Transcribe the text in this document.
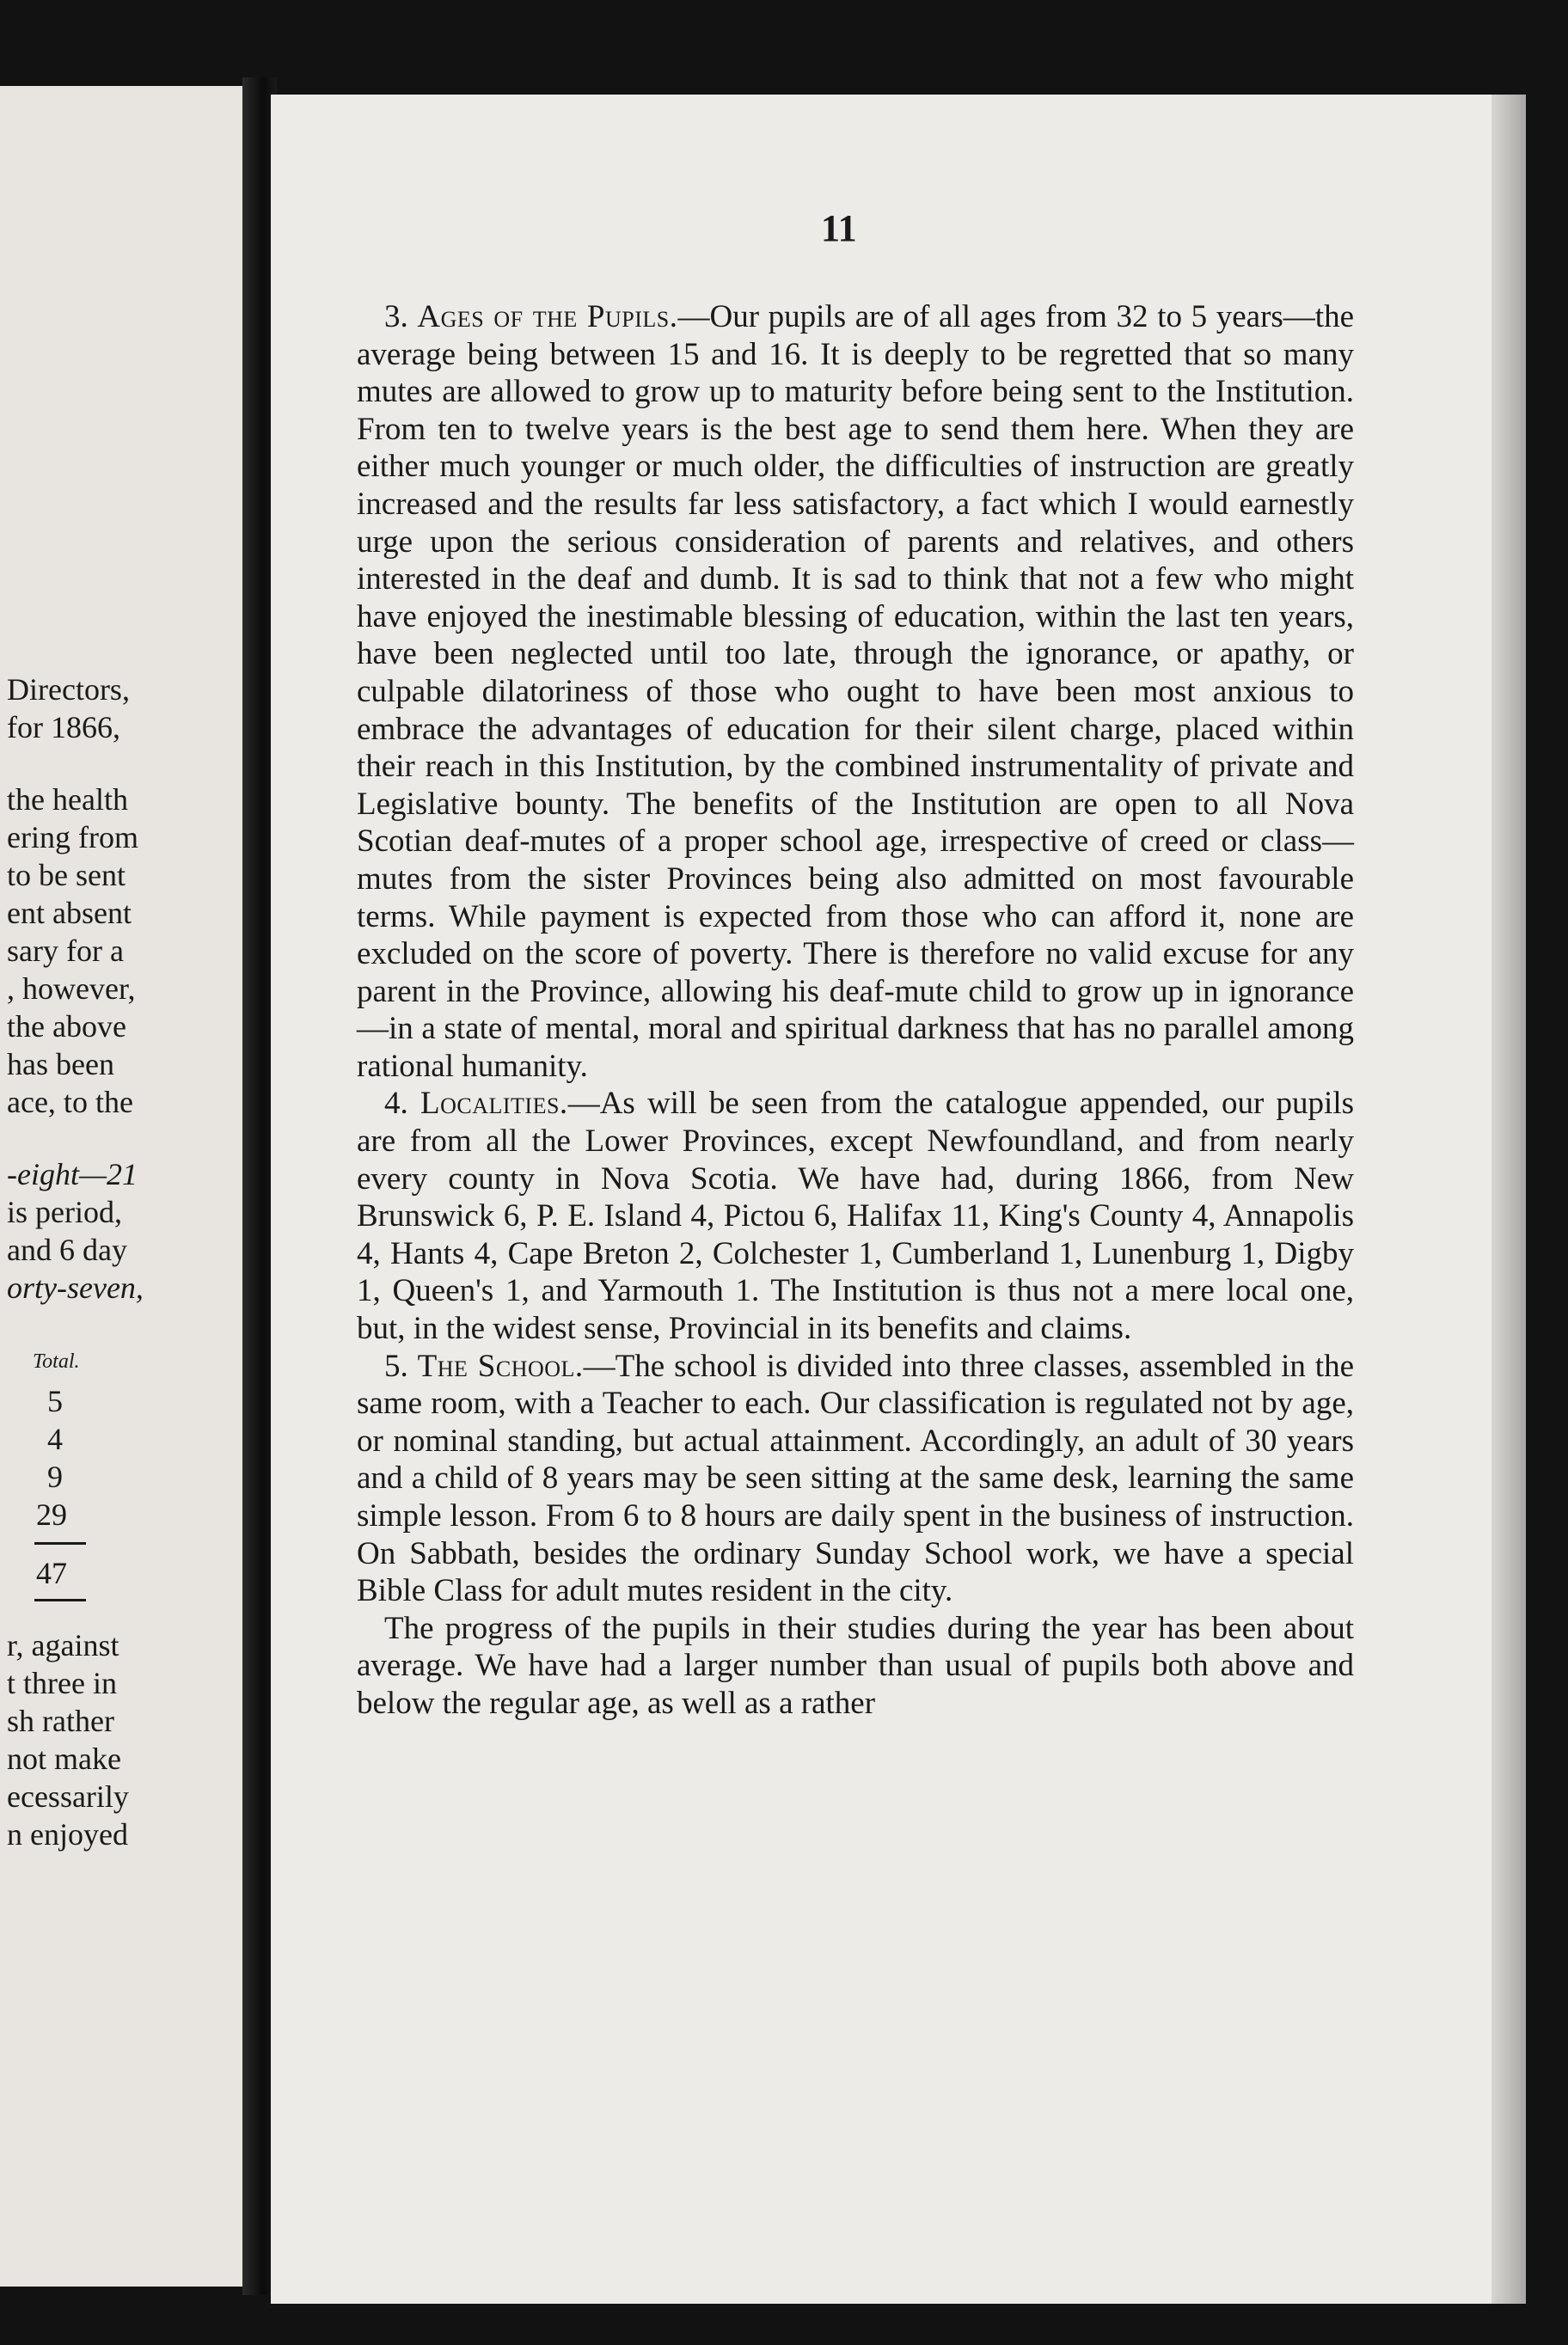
Directors,
for 1866,
the health
ering from
to be sent
ent absent
sary for a
, however,
the above
has been
ace, to the
-eight—21
is period,
and 6 day
orty-seven,
Total.
5
4
9
29
47
r, against
t three in
sh rather
not make
ecessarily
n enjoyed
11

3. Ages of the Pupils.—Our pupils are of all ages from 32 to 5 years—the average being between 15 and 16. It is deeply to be regretted that so many mutes are allowed to grow up to maturity before being sent to the Institution. From ten to twelve years is the best age to send them here. When they are either much younger or much older, the difficulties of instruction are greatly increased and the results far less satisfactory, a fact which I would earnestly urge upon the serious consideration of parents and relatives, and others interested in the deaf and dumb. It is sad to think that not a few who might have enjoyed the inestimable blessing of education, within the last ten years, have been neglected until too late, through the ignorance, or apathy, or culpable dilatoriness of those who ought to have been most anxious to embrace the advantages of education for their silent charge, placed within their reach in this Institution, by the combined instrumentality of private and Legislative bounty. The benefits of the Institution are open to all Nova Scotian deaf-mutes of a proper school age, irrespective of creed or class—mutes from the sister Provinces being also admitted on most favourable terms. While payment is expected from those who can afford it, none are excluded on the score of poverty. There is therefore no valid excuse for any parent in the Province, allowing his deaf-mute child to grow up in ignorance—in a state of mental, moral and spiritual darkness that has no parallel among rational humanity.

4. Localities.—As will be seen from the catalogue appended, our pupils are from all the Lower Provinces, except Newfoundland, and from nearly every county in Nova Scotia. We have had, during 1866, from New Brunswick 6, P. E. Island 4, Pictou 6, Halifax 11, King's County 4, Annapolis 4, Hants 4, Cape Breton 2, Colchester 1, Cumberland 1, Lunenburg 1, Digby 1, Queen's 1, and Yarmouth 1. The Institution is thus not a mere local one, but, in the widest sense, Provincial in its benefits and claims.

5. The School.—The school is divided into three classes, assembled in the same room, with a Teacher to each. Our classification is regulated not by age, or nominal standing, but actual attainment. Accordingly, an adult of 30 years and a child of 8 years may be seen sitting at the same desk, learning the same simple lesson. From 6 to 8 hours are daily spent in the business of instruction. On Sabbath, besides the ordinary Sunday School work, we have a special Bible Class for adult mutes resident in the city.

The progress of the pupils in their studies during the year has been about average. We have had a larger number than usual of pupils both above and below the regular age, as well as a rather
